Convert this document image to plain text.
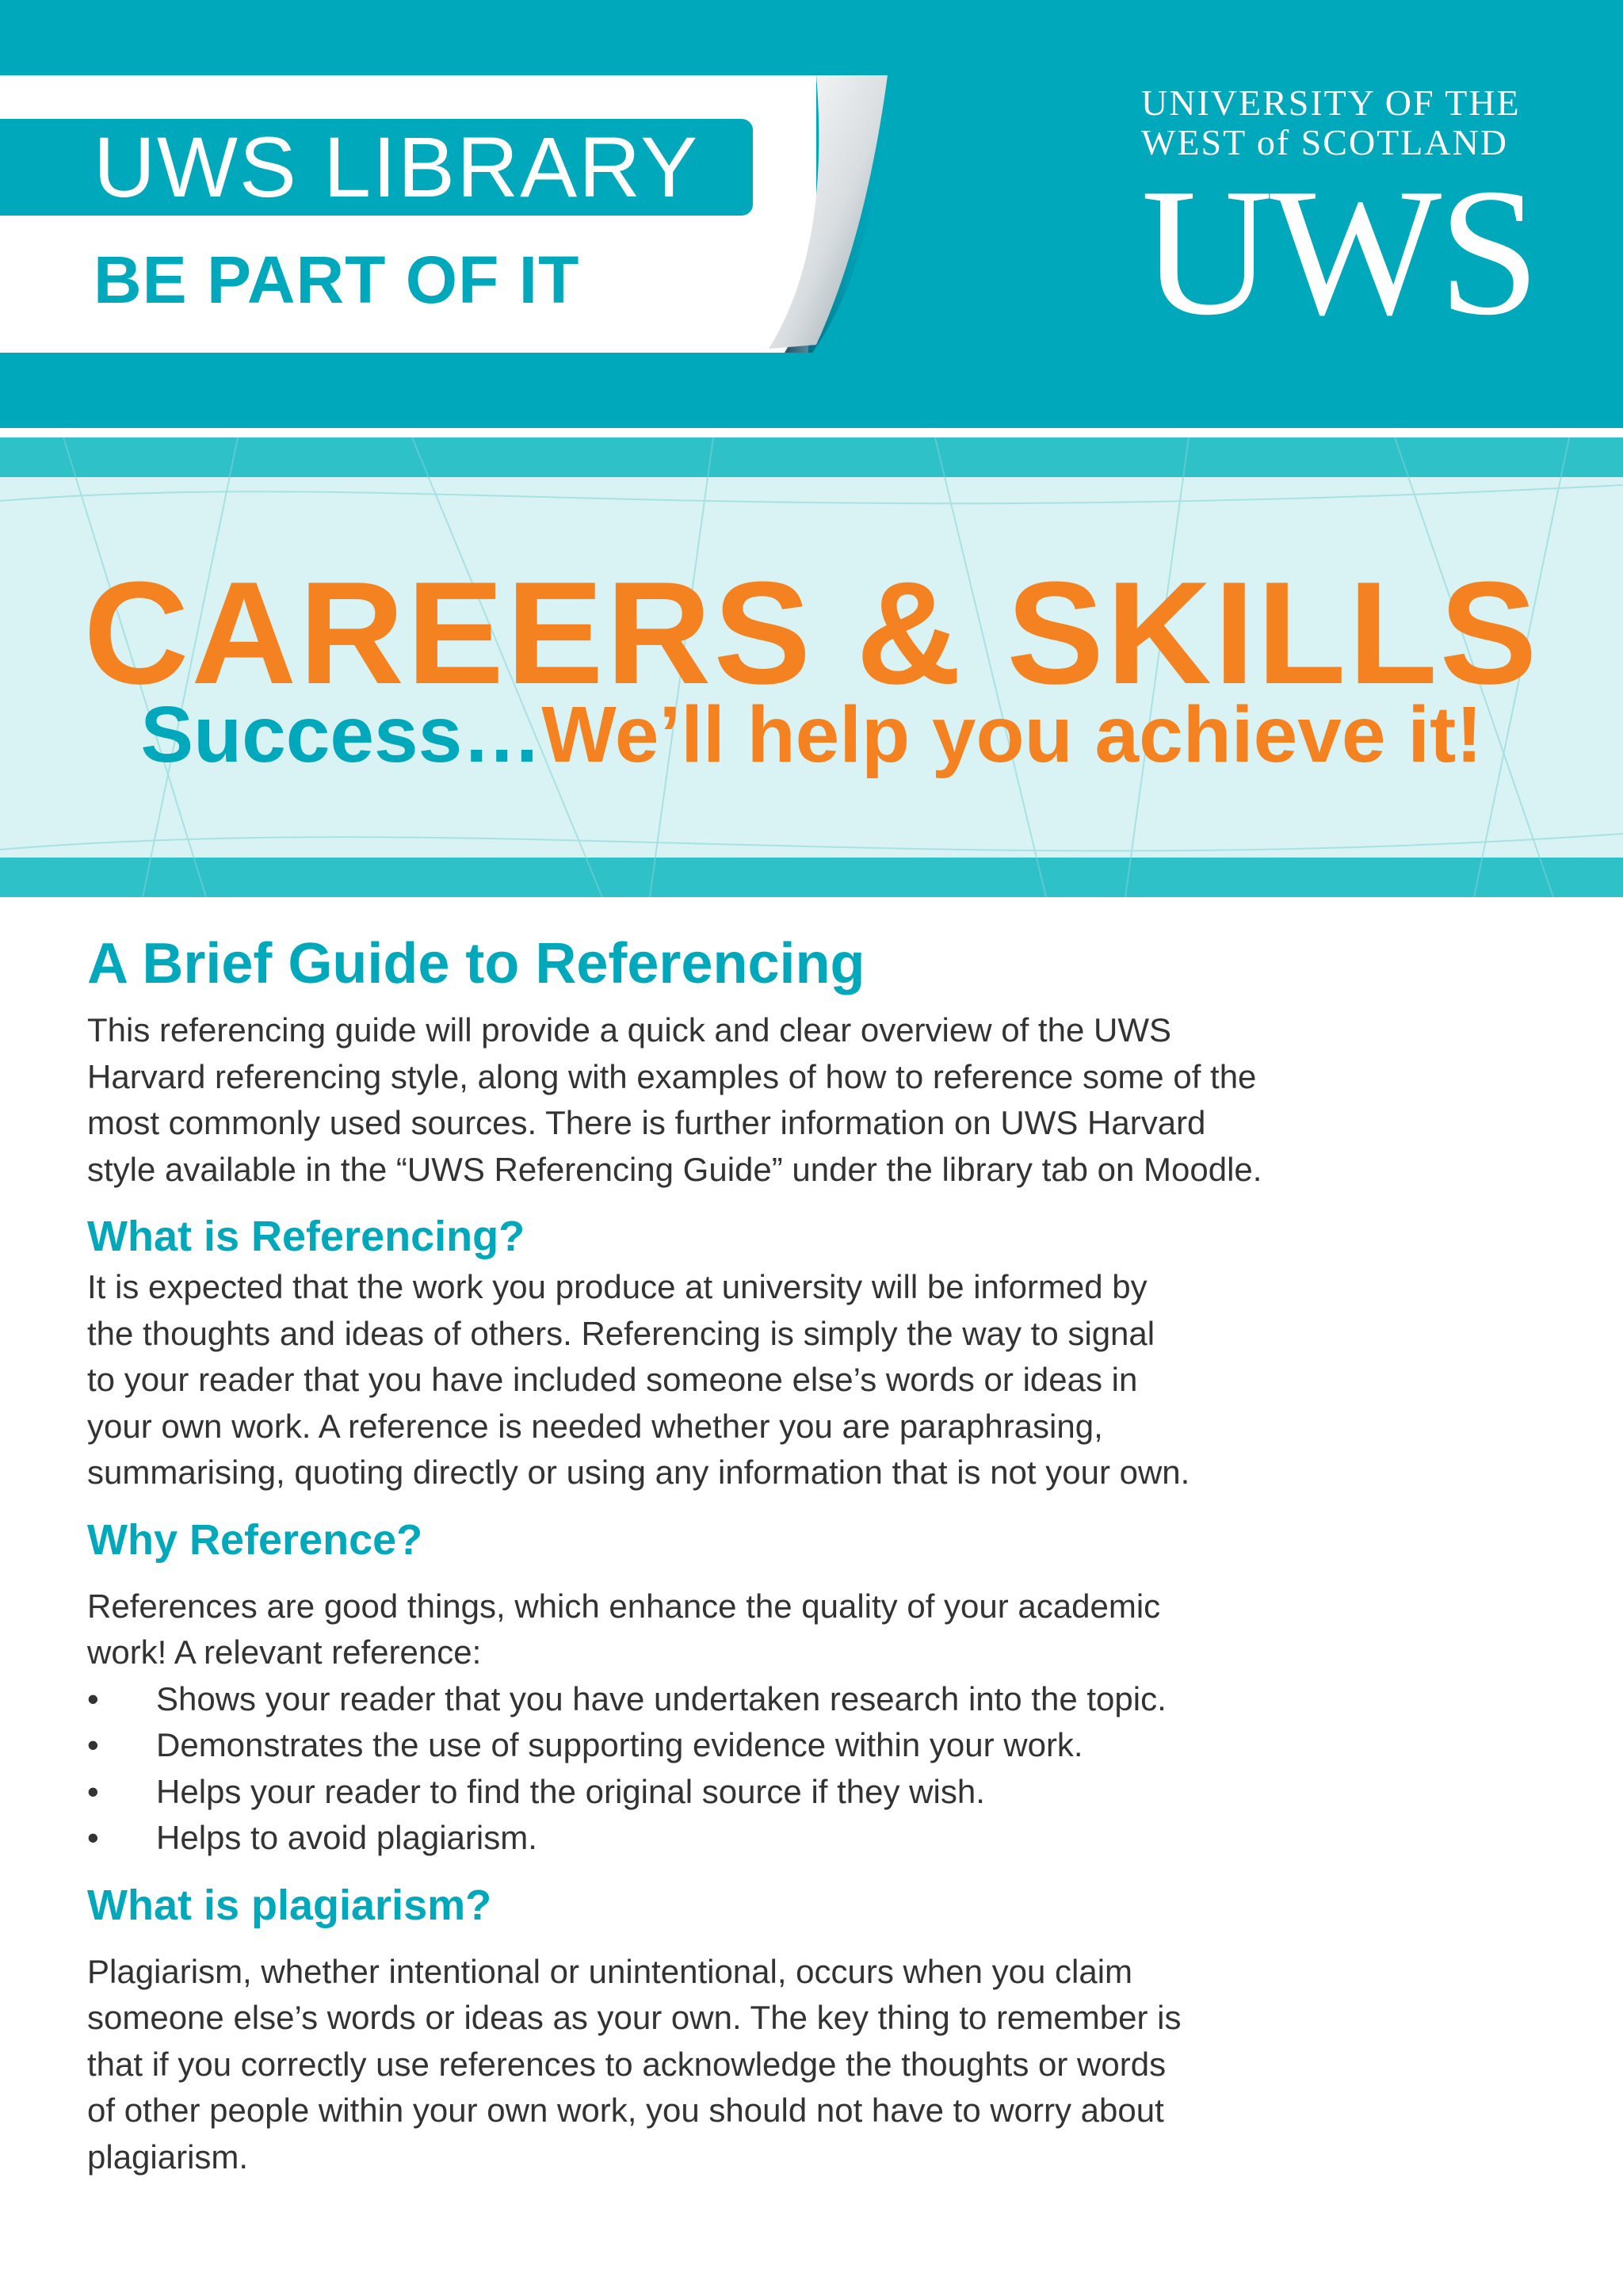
UWS LIBRARY
BE PART OF IT
UNIVERSITY OF THE
WEST of SCOTLAND
UWS
CAREERS & SKILLS
Success…We’ll help you achieve it!
A Brief Guide to Referencing

This referencing guide will provide a quick and clear overview of the UWS

Harvard referencing style, along with examples of how to reference some of the

most commonly used sources. There is further information on UWS Harvard

style available in the “UWS Referencing Guide” under the library tab on Moodle.

What is Referencing?

It is expected that the work you produce at university will be informed by

the thoughts and ideas of others. Referencing is simply the way to signal

to your reader that you have included someone else’s words or ideas in

your own work. A reference is needed whether you are paraphrasing,

summarising, quoting directly or using any information that is not your own.

Why Reference?

References are good things, which enhance the quality of your academic

work! A relevant reference:

•	Shows your reader that you have undertaken research into the topic.
•	Demonstrates the use of supporting evidence within your work.
•	Helps your reader to find the original source if they wish.
•	Helps to avoid plagiarism.
What is plagiarism?

Plagiarism, whether intentional or unintentional, occurs when you claim

someone else’s words or ideas as your own. The key thing to remember is

that if you correctly use references to acknowledge the thoughts or words

of other people within your own work, you should not have to worry about

plagiarism.
